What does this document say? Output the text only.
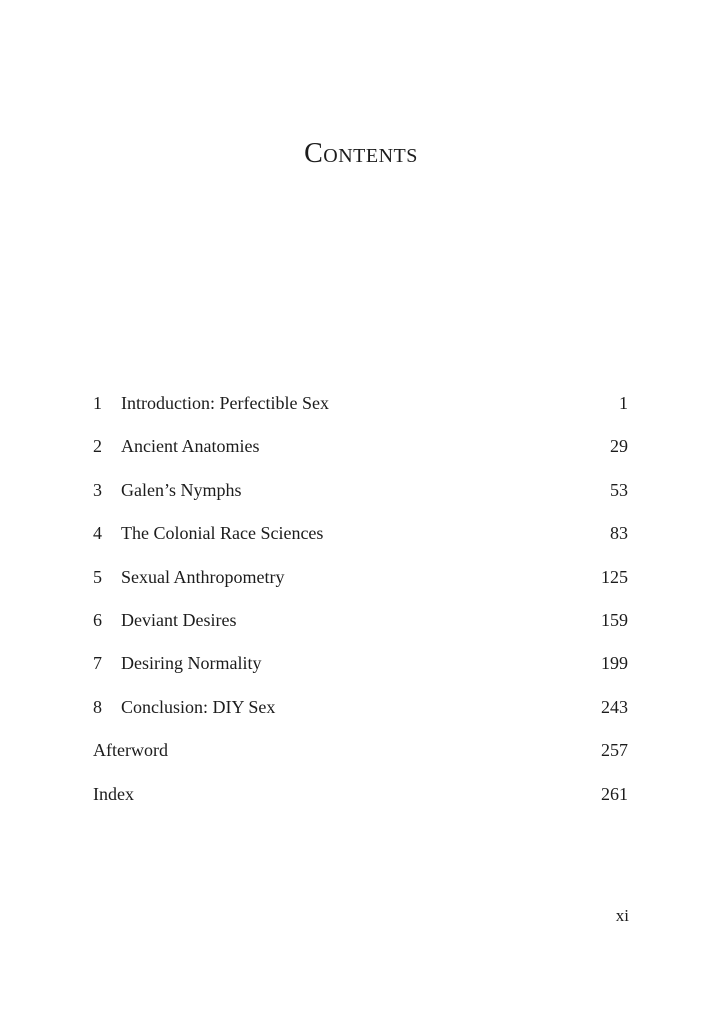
Contents
1 Introduction: Perfectible Sex	1
2 Ancient Anatomies	29
3 Galen’s Nymphs	53
4 The Colonial Race Sciences	83
5 Sexual Anthropometry	125
6 Deviant Desires	159
7 Desiring Normality	199
8 Conclusion: DIY Sex	243
Afterword	257
Index	261
xi
